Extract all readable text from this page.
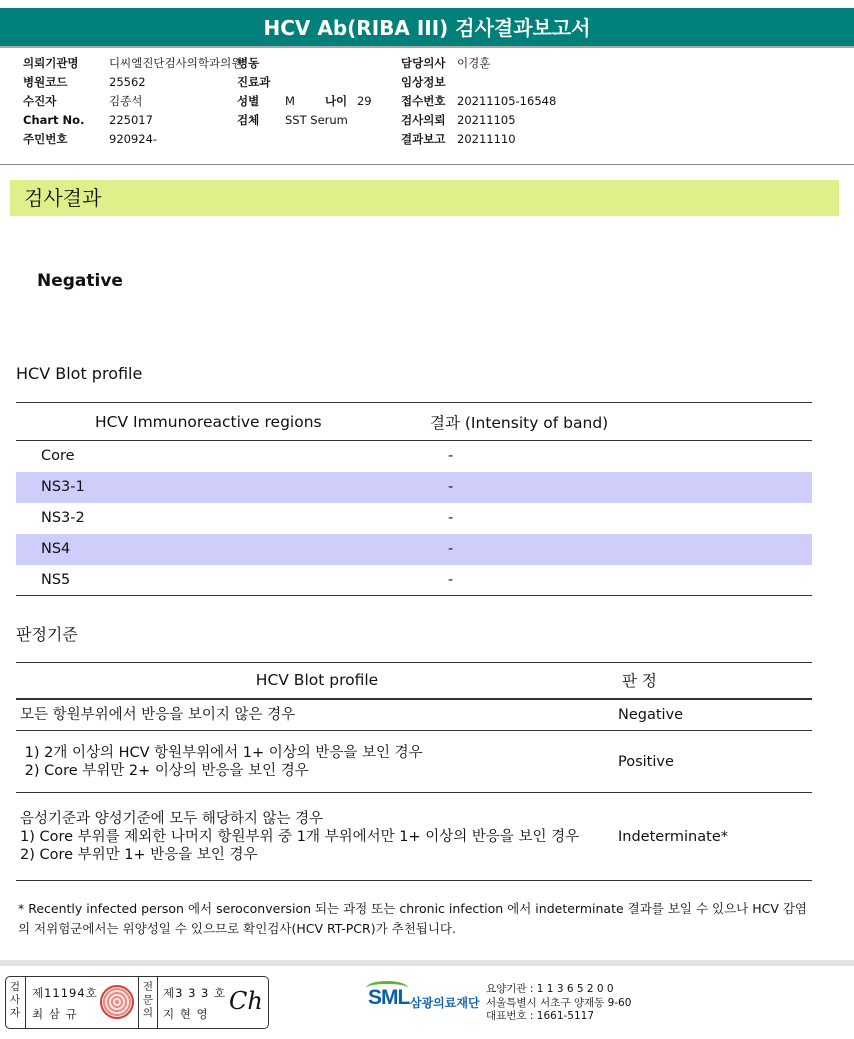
HCV Ab(RIBA III) 검사결과보고서
의뢰기관명	디씨엘진단검사의학과의원
병원코드	25562
수진자	김종석
Chart No.	225017
주민번호	920924-
병동
진료과
성별	M	나이 29
검체	SST Serum
담당의사	이경훈
임상정보
접수번호	20211105-16548
검사의뢰	20211105
결과보고	20211110
검사결과
Negative
HCV Blot profile
HCV Immunoreactive regions	결과 (Intensity of band)
Core	-
NS3-1	-
NS3-2	-
NS4	-
NS5	-
판정기준
HCV Blot profile	판 정

모든 항원부위에서 반응을 보이지 않은 경우	Negative

1) 2개 이상의 HCV 항원부위에서 1+ 이상의 반응을 보인 경우
2) Core 부위만 2+ 이상의 반응을 보인 경우	Positive

음성기준과 양성기준에 모두 해당하지 않는 경우
1) Core 부위를 제외한 나머지 항원부위 중 1개 부위에서만 1+ 이상의 반응을 보인 경우
2) Core 부위만 1+ 반응을 보인 경우	Indeterminate*
* Recently infected person 에서 seroconversion 되는 과정 또는 chronic infection 에서 indeterminate 결과를 보일 수 있으나 HCV 감염의 저위험군에서는 위양성일 수 있으므로 확인검사(HCV RT-PCR)가 추천됩니다.
검사자
제11194호
최 삼 규
전문의
제3 3 3 호
지 현 영 Ch	SML 삼광의료재단
요양기관 : 1 1 3 6 5 2 0 0
서울특별시 서초구 양재동 9-60
대표번호 : 1661-5117
